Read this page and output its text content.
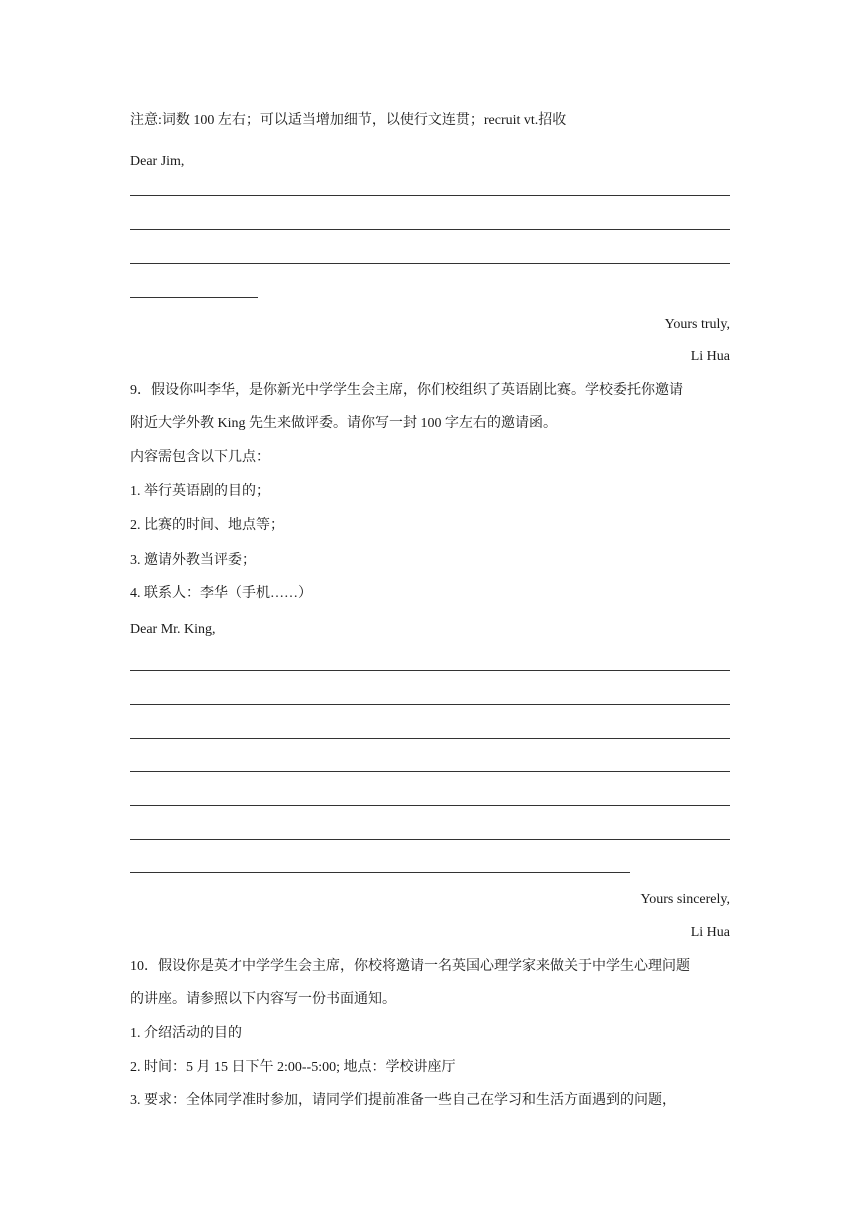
注意:词数 100 左右；可以适当增加细节，以使行文连贯；recruit vt.招收
Dear Jim,
Yours truly,
Li Hua
9．假设你叫李华，是你新光中学学生会主席，你们校组织了英语剧比赛。学校委托你邀请
附近大学外教 King 先生来做评委。请你写一封 100 字左右的邀请函。
内容需包含以下几点：
1. 举行英语剧的目的；
2. 比赛的时间、地点等；
3. 邀请外教当评委；
4. 联系人：李华（手机……）
Dear Mr. King,
Yours sincerely,
Li Hua
10．假设你是英才中学学生会主席，你校将邀请一名英国心理学家来做关于中学生心理问题
的讲座。请参照以下内容写一份书面通知。
1. 介绍活动的目的
2. 时间：5 月 15 日下午 2:00--5:00; 地点：学校讲座厅
3. 要求：全体同学准时参加，请同学们提前准备一些自己在学习和生活方面遇到的问题，
